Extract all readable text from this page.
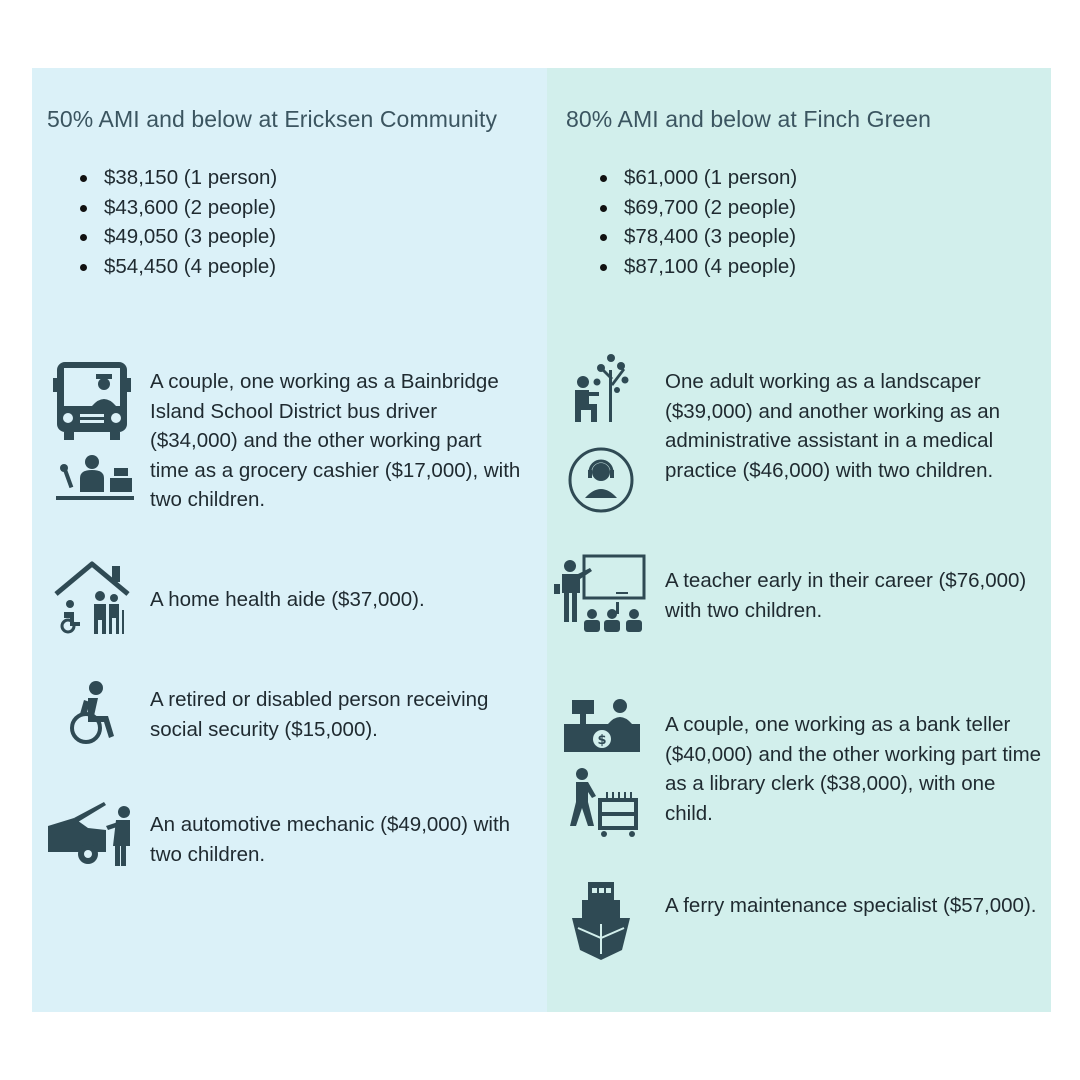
50% AMI and below at Ericksen Community
$38,150 (1 person)
$43,600 (2 people)
$49,050 (3 people)
$54,450 (4 people)

A couple, one working as a Bainbridge Island School District bus driver ($34,000) and the other working part time as a grocery cashier ($17,000), with two children.

A home health aide ($37,000).

A retired or disabled person receiving social security ($15,000).

An automotive mechanic ($49,000) with two children.

80% AMI and below at Finch Green
$61,000 (1 person)
$69,700 (2 people)
$78,400 (3 people)
$87,100 (4 people)

One adult working as a landscaper ($39,000) and another working as an administrative assistant in a medical practice ($46,000) with two children.

A teacher early in their career ($76,000) with two children.

$

A couple, one working as a bank teller ($40,000) and the other working part time as a library clerk ($38,000), with one child.

A ferry maintenance specialist ($57,000).
